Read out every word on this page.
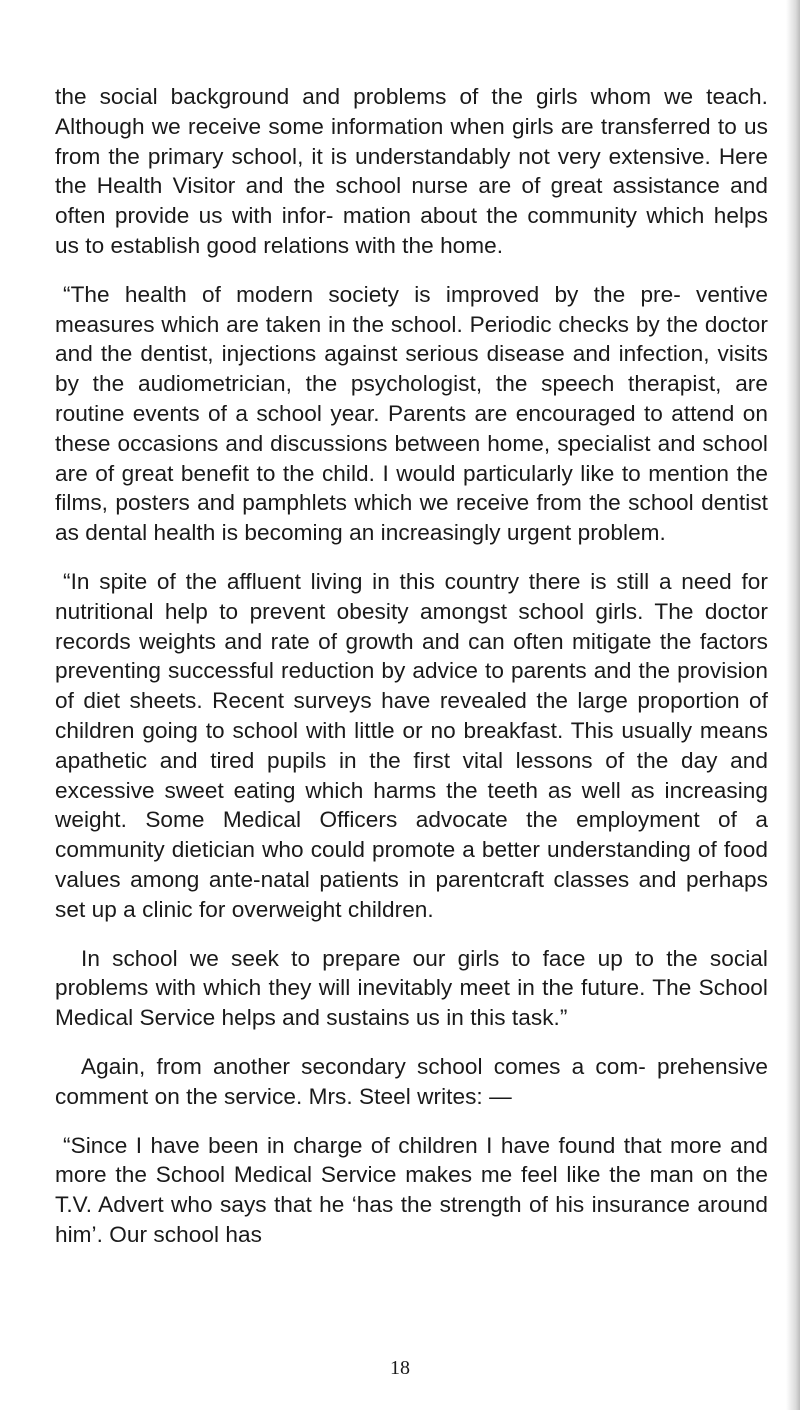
the social background and problems of the girls whom we teach. Although we receive some information when girls are transferred to us from the primary school, it is understandably not very extensive. Here the Health Visitor and the school nurse are of great assistance and often provide us with infor- mation about the community which helps us to establish good relations with the home.

“The health of modern society is improved by the pre- ventive measures which are taken in the school. Periodic checks by the doctor and the dentist, injections against serious disease and infection, visits by the audiometrician, the psychologist, the speech therapist, are routine events of a school year. Parents are encouraged to attend on these occasions and discussions between home, specialist and school are of great benefit to the child. I would particularly like to mention the films, posters and pamphlets which we receive from the school dentist as dental health is becoming an increasingly urgent problem.

“In spite of the affluent living in this country there is still a need for nutritional help to prevent obesity amongst school girls. The doctor records weights and rate of growth and can often mitigate the factors preventing successful reduction by advice to parents and the provision of diet sheets. Recent surveys have revealed the large proportion of children going to school with little or no breakfast. This usually means apathetic and tired pupils in the first vital lessons of the day and excessive sweet eating which harms the teeth as well as increasing weight. Some Medical Officers advocate the employment of a community dietician who could promote a better understanding of food values among ante-natal patients in parentcraft classes and perhaps set up a clinic for overweight children.

In school we seek to prepare our girls to face up to the social problems with which they will inevitably meet in the future. The School Medical Service helps and sustains us in this task.”

Again, from another secondary school comes a com- prehensive comment on the service. Mrs. Steel writes: —

“Since I have been in charge of children I have found that more and more the School Medical Service makes me feel like the man on the T.V. Advert who says that he ‘has the strength of his insurance around him’. Our school has

18
